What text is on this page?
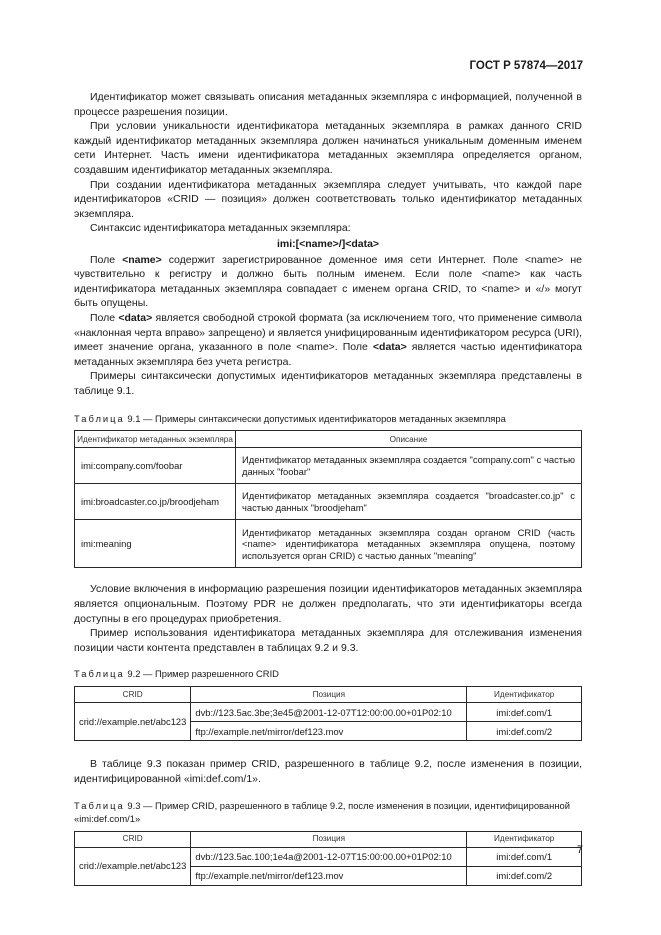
ГОСТ Р 57874—2017

Идентификатор может связывать описания метаданных экземпляра с информацией, полученной в процессе разрешения позиции.

При условии уникальности идентификатора метаданных экземпляра в рамках данного CRID каждый идентификатор метаданных экземпляра должен начинаться уникальным доменным именем сети Интернет. Часть имени идентификатора метаданных экземпляра определяется органом, создавшим идентификатор метаданных экземпляра.

При создании идентификатора метаданных экземпляра следует учитывать, что каждой паре идентификаторов «CRID — позиция» должен соответствовать только идентификатор метаданных экземпляра.

Синтаксис идентификатора метаданных экземпляра:

imi:[<name>/]<data>

Поле <name> содержит зарегистрированное доменное имя сети Интернет. Поле <name> не чувствительно к регистру и должно быть полным именем. Если поле <name> как часть идентификатора метаданных экземпляра совпадает с именем органа CRID, то <name> и «/» могут быть опущены.

Поле <data> является свободной строкой формата (за исключением того, что применение символа «наклонная черта вправо» запрещено) и является унифицированным идентификатором ресурса (URI), имеет значение органа, указанного в поле <name>. Поле <data> является частью идентификатора метаданных экземпляра без учета регистра.

Примеры синтаксически допустимых идентификаторов метаданных экземпляра представлены в таблице 9.1.

Таблица 9.1 — Примеры синтаксически допустимых идентификаторов метаданных экземпляра

Идентификатор метаданных экземпляра	Описание
imi:company.com/foobar	Идентификатор метаданных экземпляра создается "company.com" с частью данных "foobar"
imi:broadcaster.co.jp/broodjeham	Идентификатор метаданных экземпляра создается "broadcaster.co.jp" с частью данных "broodjeham"
imi:meaning	Идентификатор метаданных экземпляра создан органом CRID (часть <name> идентификатора метаданных экземпляра опущена, поэтому используется орган CRID) с частью данных "meaning"

Условие включения в информацию разрешения позиции идентификаторов метаданных экземпляра является опциональным. Поэтому PDR не должен предполагать, что эти идентификаторы всегда доступны в его процедурах приобретения.

Пример использования идентификатора метаданных экземпляра для отслеживания изменения позиции части контента представлен в таблицах 9.2 и 9.3.

Таблица 9.2 — Пример разрешенного CRID

CRID	Позиция	Идентификатор
crid://example.net/abc123	dvb://123.5ac.3be;3e45@2001-12-07T12:00:00.00+01P02:10	imi:def.com/1
	ftp://example.net/mirror/def123.mov	imi:def.com/2

В таблице 9.3 показан пример CRID, разрешенного в таблице 9.2, после изменения в позиции, идентифицированной «imi:def.com/1».

Таблица 9.3 — Пример CRID, разрешенного в таблице 9.2, после изменения в позиции, идентифицированной «imi:def.com/1»

CRID	Позиция	Идентификатор
crid://example.net/abc123	dvb://123.5ac.100;1e4a@2001-12-07T15:00:00.00+01P02:10	imi:def.com/1
	ftp://example.net/mirror/def123.mov	imi:def.com/2
7
